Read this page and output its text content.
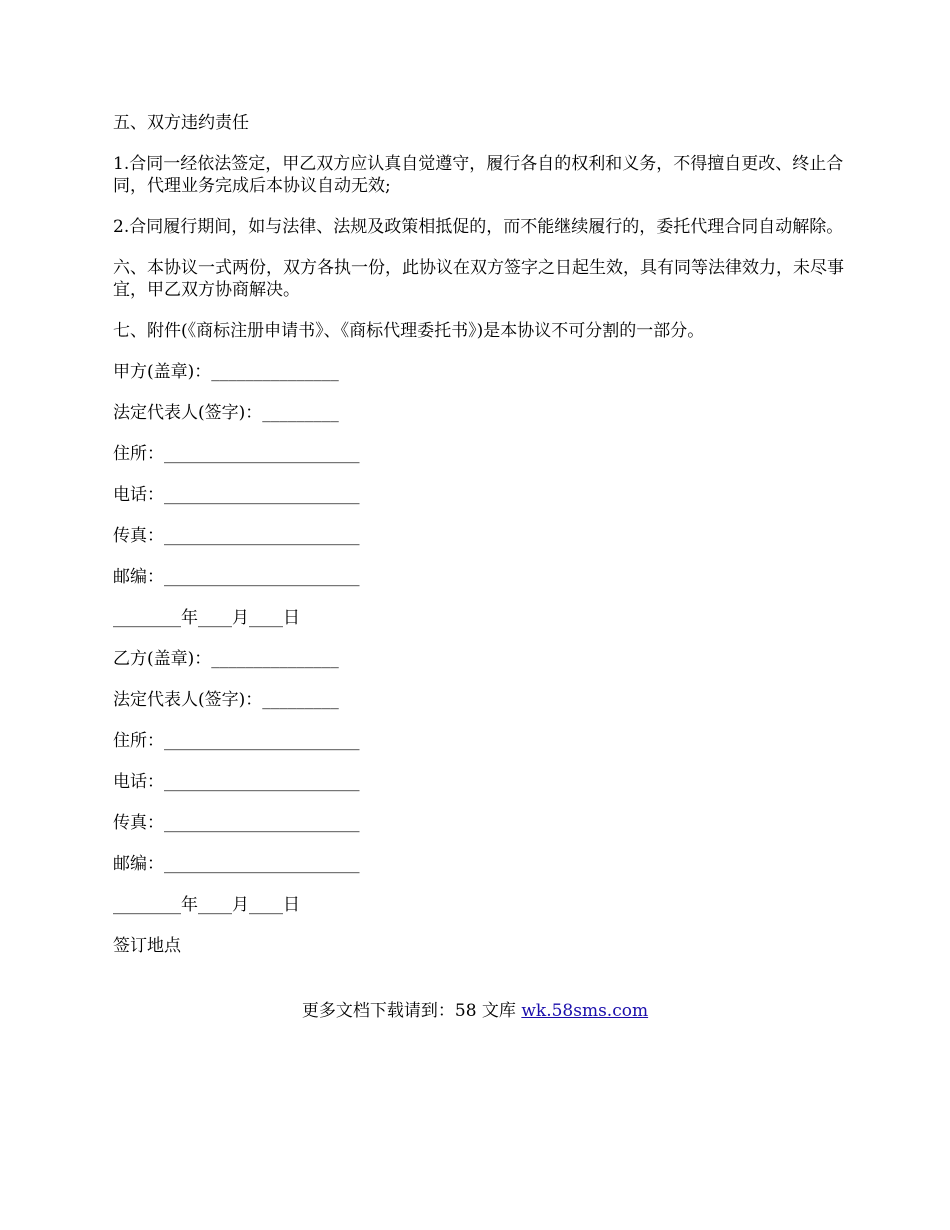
五、双方违约责任

1.合同一经依法签定，甲乙双方应认真自觉遵守，履行各自的权利和义务，不得擅自更改、终止合同，代理业务完成后本协议自动无效;

2.合同履行期间，如与法律、法规及政策相抵促的，而不能继续履行的，委托代理合同自动解除。

六、本协议一式两份，双方各执一份，此协议在双方签字之日起生效，具有同等法律效力，未尽事宜，甲乙双方协商解决。

七、附件(《商标注册申请书》、《商标代理委托书》)是本协议不可分割的一部分。

甲方(盖章)：_______________

法定代表人(签字)：_________

住所：_______________________

电话：_______________________

传真：_______________________

邮编：_______________________

________年____月____日

乙方(盖章)：_______________

法定代表人(签字)：_________

住所：_______________________

电话：_______________________

传真：_______________________

邮编：_______________________

________年____月____日

签订地点

更多文档下载请到：58 文库 wk.58sms.com
